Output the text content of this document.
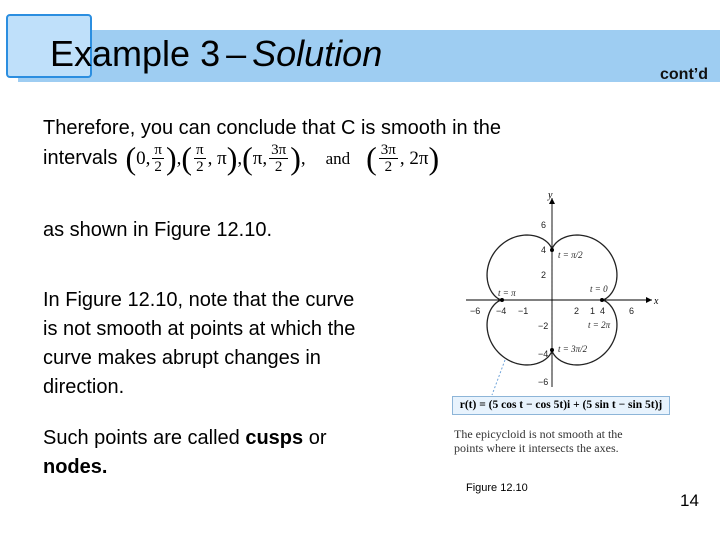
Example 3 – Solution
cont’d
Therefore, you can conclude that C is smooth in the
intervals ( 0 , $\frac{\pi}{2}$ ) , ( $\frac{\pi}{2}$ , π ) , ( π , $\frac{3\pi}{2}$ ) , and ( $\frac{3\pi}{2}$ , 2π )
as shown in Figure 12.10.
In Figure 12.10, note that the curve is not smooth at points at which the curve makes abrupt changes in direction.
Such points are called cusps or nodes.
x
y
6
4
2
−2
−4
−6
−6 −4 −1	1
2 4	6
t = π/2
t = π	t = 0
t = 2π
t = 3π/2
r(t) = (5 cos t − cos 5t)i + (5 sin t − sin 5t)j
The epicycloid is not smooth at the points where it intersects the axes.
Figure 12.10
14
